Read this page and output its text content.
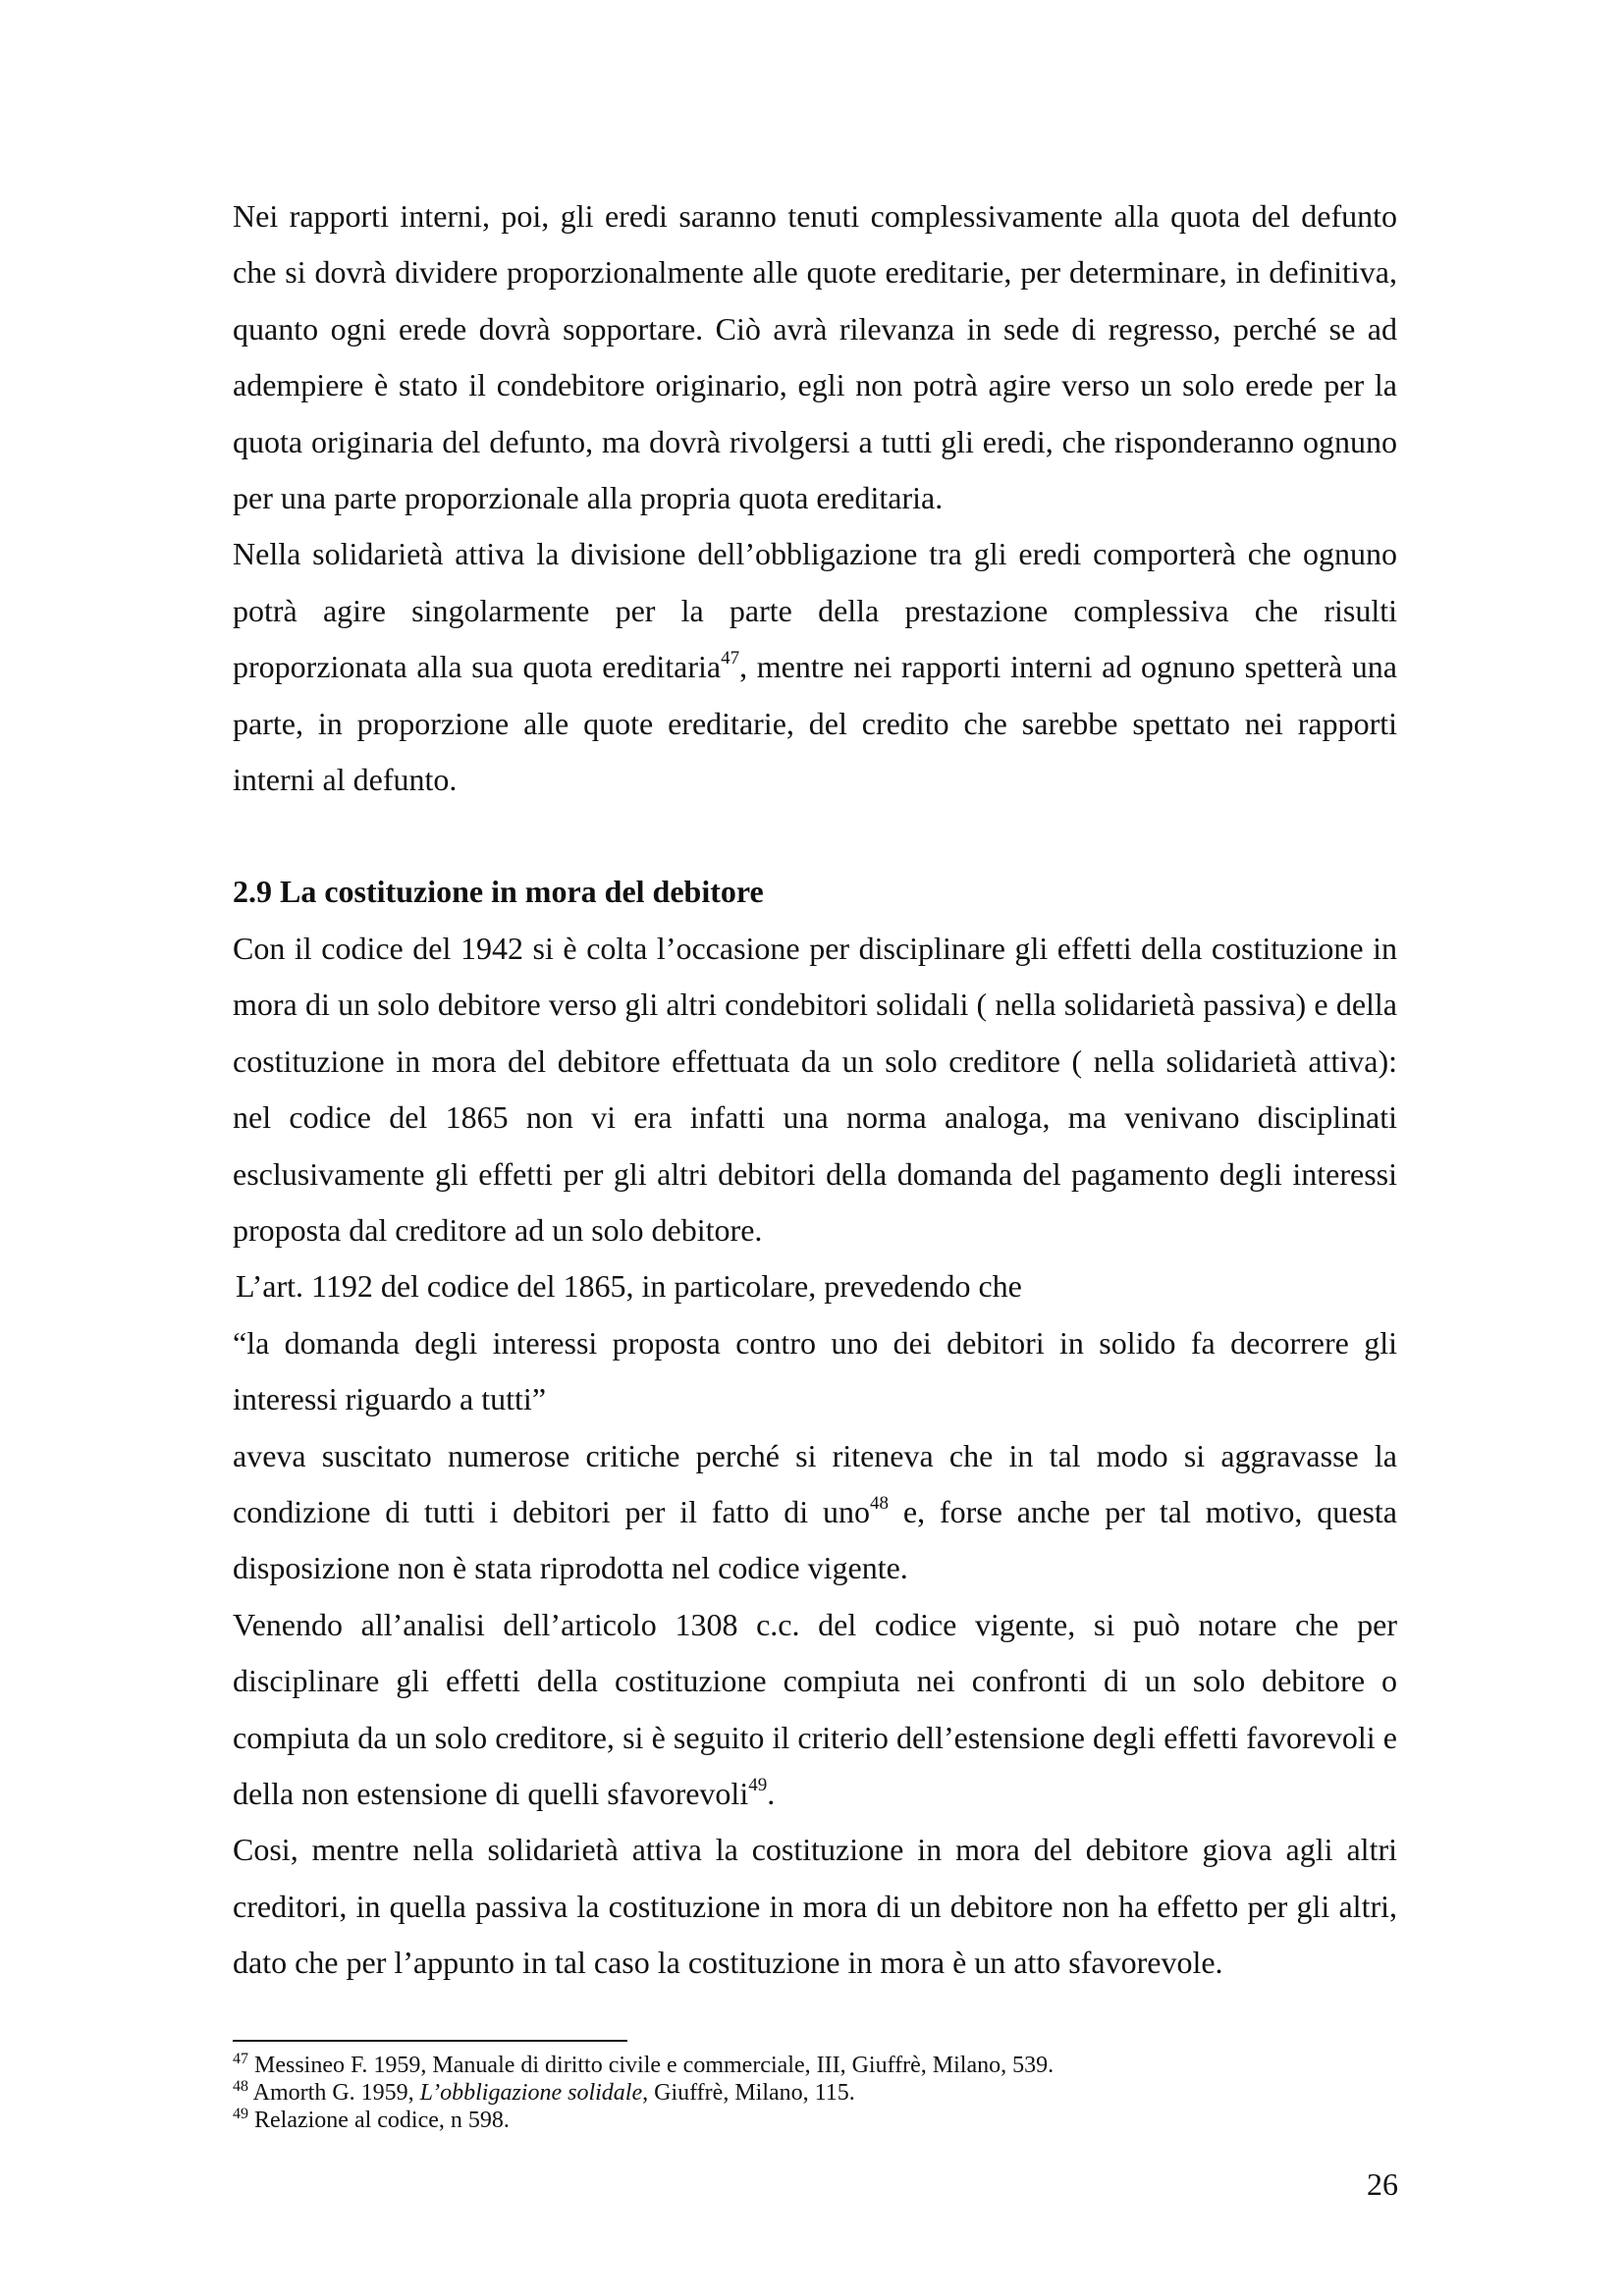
Nei rapporti interni, poi, gli eredi saranno tenuti complessivamente alla quota del defunto che si dovrà dividere proporzionalmente alle quote ereditarie, per determinare, in definitiva, quanto ogni erede dovrà sopportare. Ciò avrà rilevanza in sede di regresso, perché se ad adempiere è stato il condebitore originario, egli non potrà agire verso un solo erede per la quota originaria del defunto, ma dovrà rivolgersi a tutti gli eredi, che risponderanno ognuno per una parte proporzionale alla propria quota ereditaria.

Nella solidarietà attiva la divisione dell’obbligazione tra gli eredi comporterà che ognuno potrà agire singolarmente per la parte della prestazione complessiva che risulti proporzionata alla sua quota ereditaria$^{47}$, mentre nei rapporti interni ad ognuno spetterà una parte, in proporzione alle quote ereditarie, del credito che sarebbe spettato nei rapporti interni al defunto.

2.9 La costituzione in mora del debitore

Con il codice del 1942 si è colta l’occasione per disciplinare gli effetti della costituzione in mora di un solo debitore verso gli altri condebitori solidali ( nella solidarietà passiva) e della costituzione in mora del debitore effettuata da un solo creditore ( nella solidarietà attiva): nel codice del 1865 non vi era infatti una norma analoga, ma venivano disciplinati esclusivamente gli effetti per gli altri debitori della domanda del pagamento degli interessi proposta dal creditore ad un solo debitore.

L’art. 1192 del codice del 1865, in particolare, prevedendo che

“la domanda degli interessi proposta contro uno dei debitori in solido fa decorrere gli interessi riguardo a tutti”

aveva suscitato numerose critiche perché si riteneva che in tal modo si aggravasse la condizione di tutti i debitori per il fatto di uno$^{48}$ e, forse anche per tal motivo, questa disposizione non è stata riprodotta nel codice vigente.

Venendo all’analisi dell’articolo 1308 c.c. del codice vigente, si può notare che per disciplinare gli effetti della costituzione compiuta nei confronti di un solo debitore o compiuta da un solo creditore, si è seguito il criterio dell’estensione degli effetti favorevoli e della non estensione di quelli sfavorevoli$^{49}$.

Cosi, mentre nella solidarietà attiva la costituzione in mora del debitore giova agli altri creditori, in quella passiva la costituzione in mora di un debitore non ha effetto per gli altri, dato che per l’appunto in tal caso la costituzione in mora è un atto sfavorevole.

$^{47}$ Messineo F. 1959, Manuale di diritto civile e commerciale, III, Giuffrè, Milano, 539.

$^{48}$ Amorth G. 1959, L’obbligazione solidale, Giuffrè, Milano, 115.

$^{49}$ Relazione al codice, n 598.

26
